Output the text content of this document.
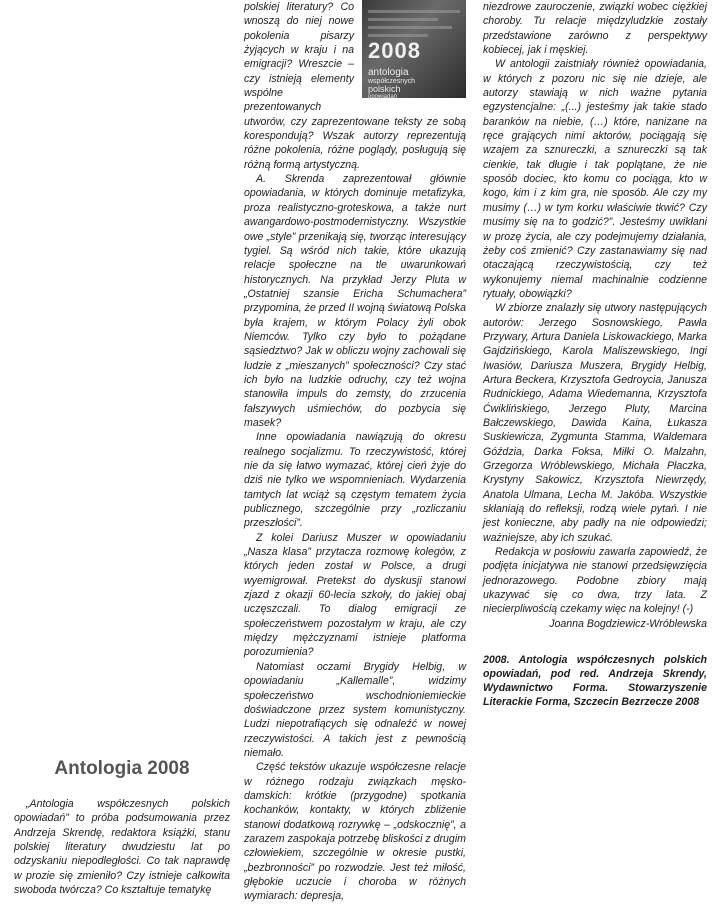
Antologia 2008

„Antologia współczesnych polskich opowiadań” to próba podsumowania przez Andrzeja Skrendę, redaktora książki, stanu polskiej literatury dwudziestu lat po odzyskaniu niepodległości. Co tak naprawdę w prozie się zmieniło? Czy istnieje całkowita swoboda twórcza? Co kształtuje tematykę

2008
antologia
współczesnych
polskich
opowiadań

polskiej literatury? Co wnoszą do niej nowe pokolenia pisarzy żyjących w kraju i na emigracji? Wreszcie – czy istnieją elementy wspólne prezentowanych utworów, czy zaprezentowane teksty ze sobą korespondują? Wszak autorzy reprezentują różne pokolenia, różne poglądy, posługują się różną formą artystyczną.

A. Skrenda zaprezentował głównie opowiadania, w których dominuje metafizyka, proza realistyczno-groteskowa, a także nurt awangardowo-postmodernistyczny. Wszystkie owe „style” przenikają się, tworząc interesujący tygiel. Są wśród nich takie, które ukazują relacje społeczne na tle uwarunkowań historycznych. Na przykład Jerzy Pluta w „Ostatniej szansie Ericha Schumachera” przypomina, że przed II wojną światową Polska była krajem, w którym Polacy żyli obok Niemców. Tylko czy było to pożądane sąsiedztwo? Jak w obliczu wojny zachowali się ludzie z „mieszanych” społeczności? Czy stać ich było na ludzkie odruchy, czy też wojna stanowiła impuls do zemsty, do zrzucenia fałszywych uśmiechów, do pozbycia się masek?

Inne opowiadania nawiązują do okresu realnego socjalizmu. To rzeczywistość, której nie da się łatwo wymazać, której cień żyje do dziś nie tylko we wspomnieniach. Wydarzenia tamtych lat wciąż są częstym tematem życia publicznego, szczególnie przy „rozliczaniu przeszłości”.

Z kolei Dariusz Muszer w opowiadaniu „Nasza klasa” przytacza rozmowę kolegów, z których jeden został w Polsce, a drugi wyemigrował. Pretekst do dyskusji stanowi zjazd z okazji 60-lecia szkoły, do jakiej obaj uczęszczali. To dialog emigracji ze społeczeństwem pozostałym w kraju, ale czy między mężczyznami istnieje platforma porozumienia?

Natomiast oczami Brygidy Helbig, w opowiadaniu „Kallemalle”, widzimy społeczeństwo wschodnioniemieckie doświadczone przez system komunistyczny. Ludzi niepotrafiących się odnaleźć w nowej rzeczywistości. A takich jest z pewnością niemało.

Część tekstów ukazuje współczesne relacje w różnego rodzaju związkach męsko-damskich: krótkie (przygodne) spotkania kochanków, kontakty, w których zbliżenie stanowi dodatkową rozrywkę – „odskocznię”, a zarazem zaspokaja potrzebę bliskości z drugim człowiekiem, szczególnie w okresie pustki, „bezbronności” po rozwodzie. Jest też miłość, głębokie uczucie i choroba w różnych wymiarach: depresja,

niezdrowe zauroczenie, związki wobec ciężkiej choroby. Tu relacje międzyludzkie zostały przedstawione zarówno z perspektywy kobiecej, jak i męskiej.

W antologii zaistniały również opowiadania, w których z pozoru nic się nie dzieje, ale autorzy stawiają w nich ważne pytania egzystencjalne: „(...) jesteśmy jak takie stado baranków na niebie, (…) które, nanizane na ręce grających nimi aktorów, pociągają się wzajem za sznureczki, a sznureczki są tak cienkie, tak długie i tak poplątane, że nie sposób dociec, kto komu co pociąga, kto w kogo, kim i z kim gra, nie sposób. Ale czy my musimy (…) w tym korku właściwie tkwić? Czy musimy się na to godzić?”. Jesteśmy uwikłani w prozę życia, ale czy podejmujemy działania, żeby coś zmienić? Czy zastanawiamy się nad otaczającą rzeczywistością, czy też wykonujemy niemal machinalnie codzienne rytuały, obowiązki?

W zbiorze znalazły się utwory następujących autorów: Jerzego Sosnowskiego, Pawła Przywary, Artura Daniela Liskowackiego, Marka Gajdzińskiego, Karola Maliszewskiego, Ingi Iwasiów, Dariusza Muszera, Brygidy Helbig, Artura Beckera, Krzysztofa Gedroycia, Janusza Rudnickiego, Adama Wiedemanna, Krzysztofa Ćwiklińskiego, Jerzego Pluty, Marcina Bałczewskiego, Dawida Kaina, Łukasza Suskiewicza, Zygmunta Stamma, Waldemara Góździa, Darka Foksa, Miłki O. Malzahn, Grzegorza Wróblewskiego, Michała Płaczka, Krystyny Sakowicz, Krzysztofa Niewrzędy, Anatola Ulmana, Lecha M. Jakóba. Wszystkie skłaniają do refleksji, rodzą wiele pytań. I nie jest konieczne, aby padły na nie odpowiedzi; ważniejsze, aby ich szukać.

Redakcja w posłowiu zawarła zapowiedź, że podjęta inicjatywa nie stanowi przedsięwzięcia jednorazowego. Podobne zbiory mają ukazywać się co dwa, trzy lata. Z niecierpliwością czekamy więc na kolejny! (-)

Joanna Bogdziewicz-Wróblewska

2008. Antologia współczesnych polskich opowiadań, pod red. Andrzeja Skrendy, Wydawnictwo Forma. Stowarzyszenie Literackie Forma, Szczecin Bezrzecze 2008
